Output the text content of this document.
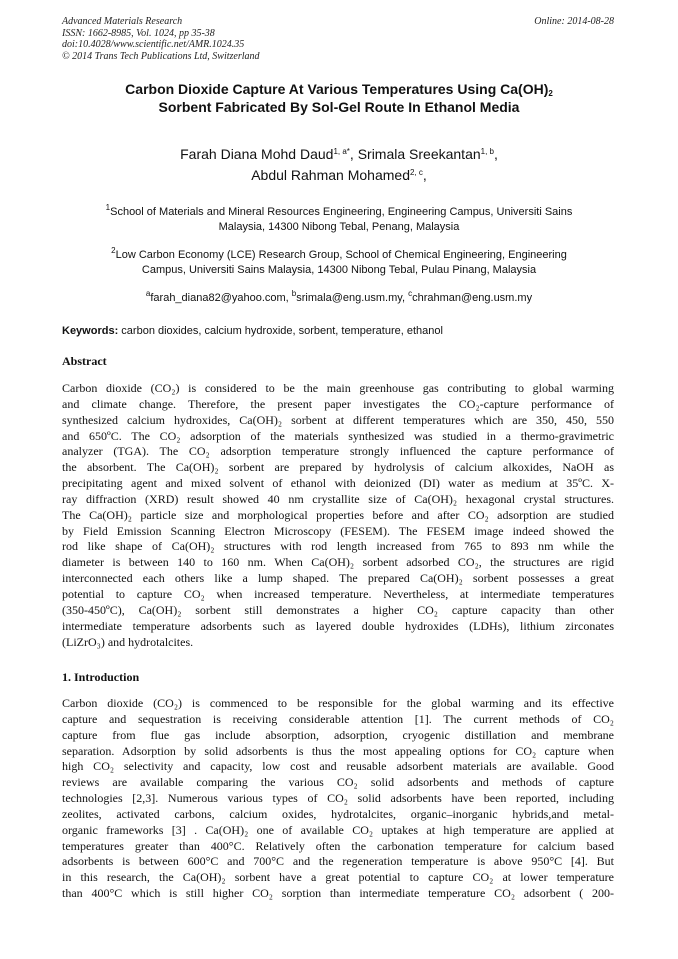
Advanced Materials Research
ISSN: 1662-8985, Vol. 1024, pp 35-38
doi:10.4028/www.scientific.net/AMR.1024.35
© 2014 Trans Tech Publications Ltd, Switzerland
Online: 2014-08-28
Carbon Dioxide Capture At Various Temperatures Using $Ca(OH)_2$
Sorbent Fabricated By Sol-Gel Route In Ethanol Media
Farah Diana Mohd Daud$^{1, a*}$, Srimala Sreekantan$^{1, b}$,
Abdul Rahman Mohamed$^{2, c}$,
$^1$School of Materials and Mineral Resources Engineering, Engineering Campus, Universiti Sains
Malaysia, 14300 Nibong Tebal, Penang, Malaysia
$^2$Low Carbon Economy (LCE) Research Group, School of Chemical Engineering, Engineering
Campus, Universiti Sains Malaysia, 14300 Nibong Tebal, Pulau Pinang, Malaysia
$^a$farah_diana82@yahoo.com, $^b$srimala@eng.usm.my, $^c$chrahman@eng.usm.my
Keywords: carbon dioxides, calcium hydroxide, sorbent, temperature, ethanol
Abstract
Carbon dioxide (CO₂) is considered to be the main greenhouse gas contributing to global warming
and climate change. Therefore, the present paper investigates the CO₂-capture performance of
synthesized calcium hydroxides, Ca(OH)₂ sorbent at different temperatures which are 350, 450, 550
and 650ºC. The CO₂ adsorption of the materials synthesized was studied in a thermo-gravimetric
analyzer (TGA). The CO₂ adsorption temperature strongly influenced the capture performance of
the absorbent. The Ca(OH)₂ sorbent are prepared by hydrolysis of calcium alkoxides, NaOH as
precipitating agent and mixed solvent of ethanol with deionized (DI) water as medium at 35ºC. X-
ray diffraction (XRD) result showed 40 nm crystallite size of Ca(OH)₂ hexagonal crystal structures.
The Ca(OH)₂ particle size and morphological properties before and after CO₂ adsorption are studied
by Field Emission Scanning Electron Microscopy (FESEM). The FESEM image indeed showed the
rod like shape of Ca(OH)₂ structures with rod length increased from 765 to 893 nm while the
diameter is between 140 to 160 nm. When Ca(OH)₂ sorbent adsorbed CO₂, the structures are rigid
interconnected each others like a lump shaped. The prepared Ca(OH)₂ sorbent possesses a great
potential to capture CO₂ when increased temperature. Nevertheless, at intermediate temperatures
(350-450ºC), Ca(OH)₂ sorbent still demonstrates a higher CO₂ capture capacity than other
intermediate temperature adsorbents such as layered double hydroxides (LDHs), lithium zirconates
(LiZrO₃) and hydrotalcites.
1. Introduction
Carbon dioxide (CO₂) is commenced to be responsible for the global warming and its effective
capture and sequestration is receiving considerable attention [1]. The current methods of CO₂
capture from flue gas include absorption, adsorption, cryogenic distillation and membrane
separation. Adsorption by solid adsorbents is thus the most appealing options for CO₂ capture when
high CO₂ selectivity and capacity, low cost and reusable adsorbent materials are available. Good
reviews are available comparing the various CO₂ solid adsorbents and methods of capture
technologies [2,3]. Numerous various types of CO₂ solid adsorbents have been reported, including
zeolites, activated carbons, calcium oxides, hydrotalcites, organic–inorganic hybrids,and metal-
organic frameworks [3] . Ca(OH)₂ one of available CO₂ uptakes at high temperature are applied at
temperatures greater than 400°C. Relatively often the carbonation temperature for calcium based
adsorbents is between 600°C and 700°C and the regeneration temperature is above 950°C [4]. But
in this research, the Ca(OH)₂ sorbent have a great potential to capture CO₂ at lower temperature
than 400°C which is still higher CO₂ sorption than intermediate temperature CO₂ adsorbent ( 200-
